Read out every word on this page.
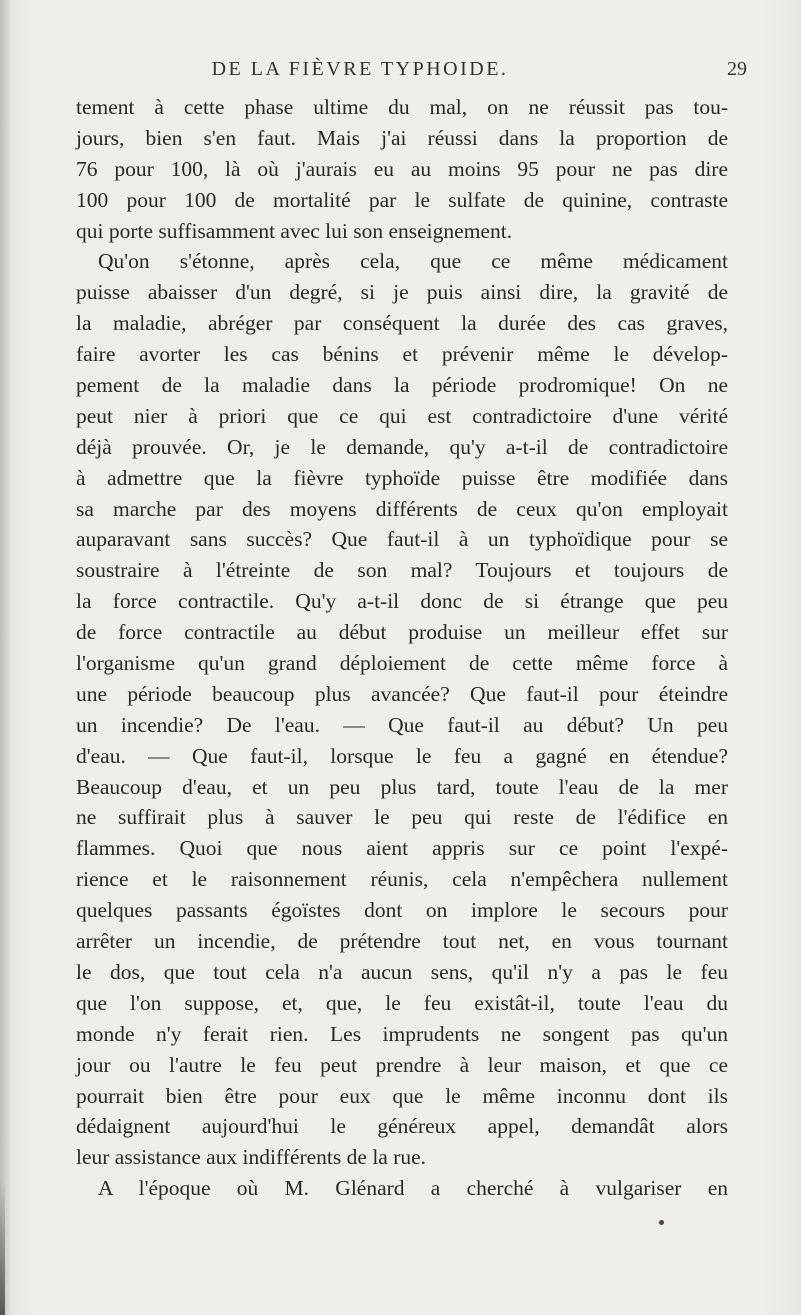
DE LA FIÈVRE TYPHOIDE.	29
tement à cette phase ultime du mal, on ne réussit pas tou-
jours, bien s'en faut. Mais j'ai réussi dans la proportion de
76 pour 100, là où j'aurais eu au moins 95 pour ne pas dire
100 pour 100 de mortalité par le sulfate de quinine, contraste
qui porte suffisamment avec lui son enseignement.
Qu'on s'étonne, après cela, que ce même médicament
puisse abaisser d'un degré, si je puis ainsi dire, la gravité de
la maladie, abréger par conséquent la durée des cas graves,
faire avorter les cas bénins et prévenir même le dévelop-
pement de la maladie dans la période prodromique! On ne
peut nier à priori que ce qui est contradictoire d'une vérité
déjà prouvée. Or, je le demande, qu'y a-t-il de contradictoire
à admettre que la fièvre typhoïde puisse être modifiée dans
sa marche par des moyens différents de ceux qu'on employait
auparavant sans succès? Que faut-il à un typhoïdique pour se
soustraire à l'étreinte de son mal? Toujours et toujours de
la force contractile. Qu'y a-t-il donc de si étrange que peu
de force contractile au début produise un meilleur effet sur
l'organisme qu'un grand déploiement de cette même force à
une période beaucoup plus avancée? Que faut-il pour éteindre
un incendie? De l'eau. — Que faut-il au début? Un peu
d'eau. — Que faut-il, lorsque le feu a gagné en étendue?
Beaucoup d'eau, et un peu plus tard, toute l'eau de la mer
ne suffirait plus à sauver le peu qui reste de l'édifice en
flammes. Quoi que nous aient appris sur ce point l'expé-
rience et le raisonnement réunis, cela n'empêchera nullement
quelques passants égoïstes dont on implore le secours pour
arrêter un incendie, de prétendre tout net, en vous tournant
le dos, que tout cela n'a aucun sens, qu'il n'y a pas le feu
que l'on suppose, et, que, le feu existât-il, toute l'eau du
monde n'y ferait rien. Les imprudents ne songent pas qu'un
jour ou l'autre le feu peut prendre à leur maison, et que ce
pourrait bien être pour eux que le même inconnu dont ils
dédaignent aujourd'hui le généreux appel, demandât alors
leur assistance aux indifférents de la rue.
A l'époque où M. Glénard a cherché à vulgariser en
